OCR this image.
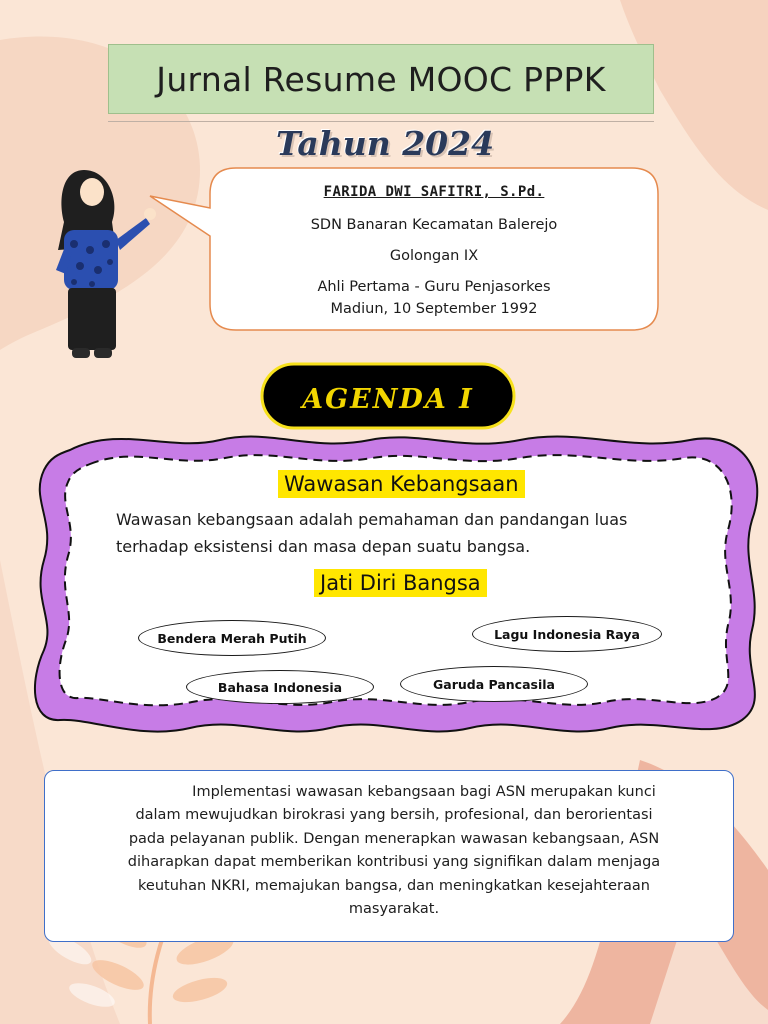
Jurnal Resume MOOC PPPK
Tahun 2024
FARIDA DWI SAFITRI, S.Pd.
SDN Banaran Kecamatan Balerejo
Golongan IX
Ahli Pertama - Guru Penjasorkes
Madiun, 10 September 1992
AGENDA I
Wawasan Kebangsaan
Wawasan kebangsaan adalah pemahaman dan pandangan luas
terhadap eksistensi dan masa depan suatu bangsa.
Jati Diri Bangsa
Bendera Merah Putih	Lagu Indonesia Raya
Bahasa Indonesia	Garuda Pancasila

Implementasi wawasan kebangsaan bagi ASN merupakan kunci
dalam mewujudkan birokrasi yang bersih, profesional, dan berorientasi
pada pelayanan publik. Dengan menerapkan wawasan kebangsaan, ASN
diharapkan dapat memberikan kontribusi yang signifikan dalam menjaga
keutuhan NKRI, memajukan bangsa, dan meningkatkan kesejahteraan
masyarakat.
